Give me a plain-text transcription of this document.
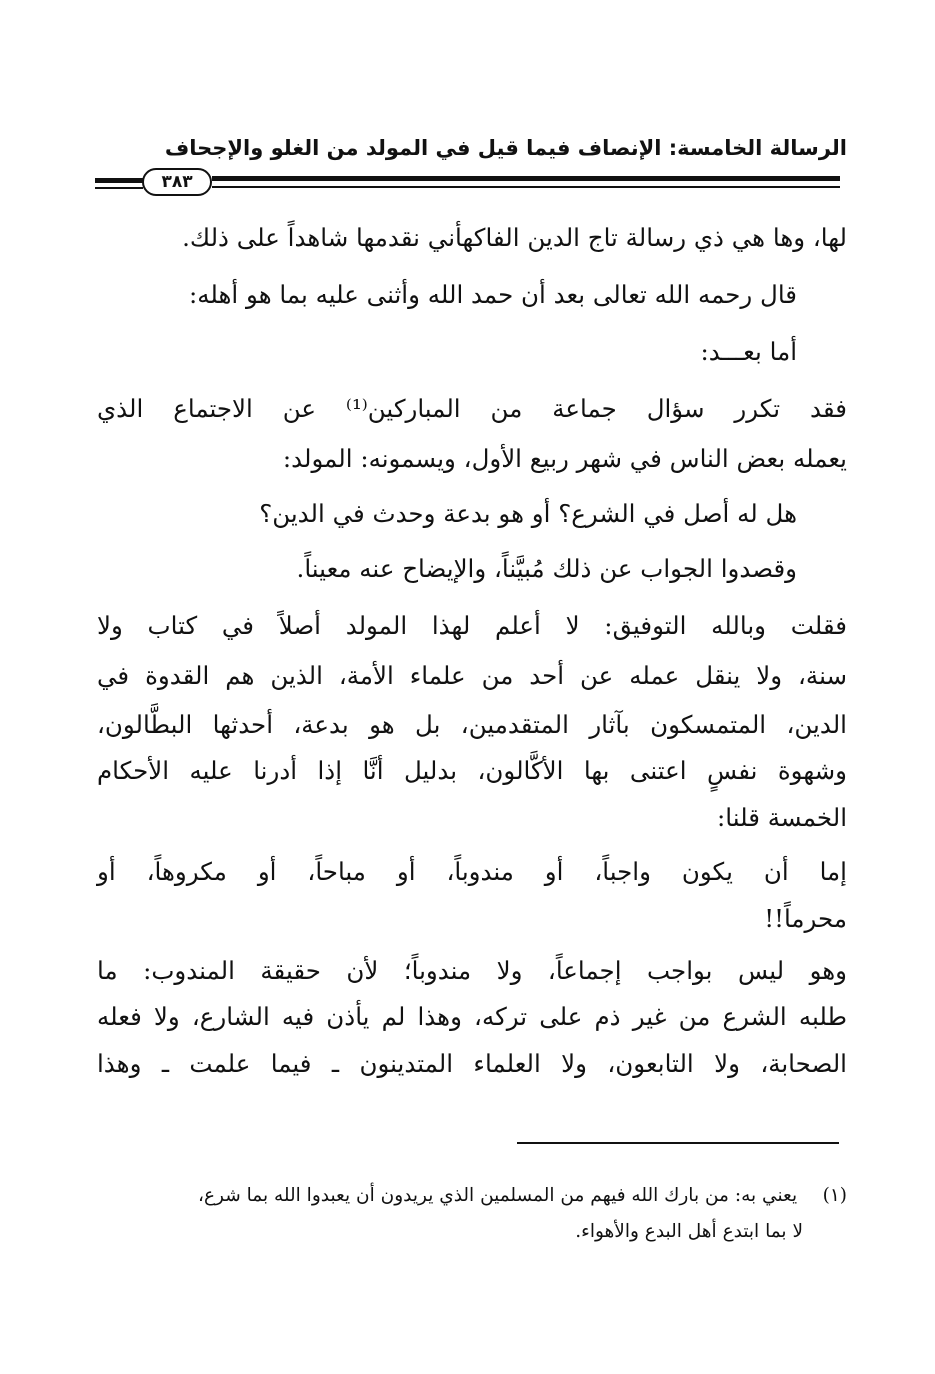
الرسالة الخامسة: الإنصاف فيما قيل في المولد من الغلو والإجحاف
٣٨٣
لها، وها هي ذي رسالة تاج الدين الفاكهأني نقدمها شاهداً على ذلك.
قال رحمه الله تعالى بعد أن حمد الله وأثنى عليه بما هو أهله:
أما بعـــد:
فقد تكرر سؤال جماعة من المباركين⁽¹⁾ عن الاجتماع الذي
يعمله بعض الناس في شهر ربيع الأول، ويسمونه: المولد:
هل له أصل في الشرع؟ أو هو بدعة وحدث في الدين؟
وقصدوا الجواب عن ذلك مُبيَّناً، والإيضاح عنه معيناً.
فقلت وبالله التوفيق: لا أعلم لهذا المولد أصلاً في كتاب ولا
سنة، ولا ينقل عمله عن أحد من علماء الأمة، الذين هم القدوة في
الدين، المتمسكون بآثار المتقدمين، بل هو بدعة، أحدثها البطَّالون،
وشهوة نفسٍ اعتنى بها الأكَّالون، بدليل أنَّا إذا أدرنا عليه الأحكام
الخمسة قلنا:
إما أن يكون واجباً، أو مندوباً، أو مباحاً، أو مكروهاً، أو
محرماً!!
وهو ليس بواجب إجماعاً، ولا مندوباً؛ لأن حقيقة المندوب: ما
طلبه الشرع من غير ذم على تركه، وهذا لم يأذن فيه الشارع، ولا فعله
الصحابة، ولا التابعون، ولا العلماء المتدينون ـ فيما علمت ـ وهذا
(١) يعني به: من بارك الله فيهم من المسلمين الذي يريدون أن يعبدوا الله بما شرع،
لا بما ابتدع أهل البدع والأهواء.
